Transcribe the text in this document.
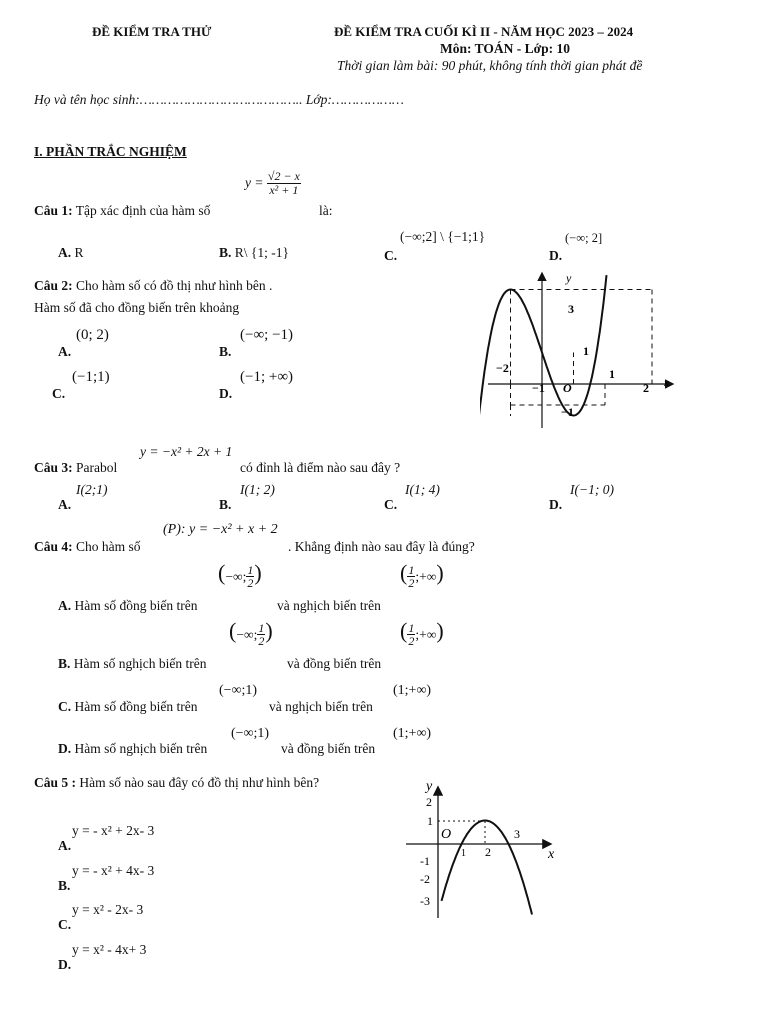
ĐỀ KIỂM TRA THỬ	ĐỀ KIỂM TRA CUỐI KÌ II - NĂM HỌC 2023 – 2024
Môn: TOÁN - Lớp: 10
Thời gian làm bài: 90 phút, không tính thời gian phát đề
Họ và tên học sinh:………………………………….. Lớp:………………
I. PHẦN TRẮC NGHIỆM
Câu 1: Tập xác định của hàm số
$y = \frac{√2 - x}{\text{x² + 1}}$
là:
A. R	B. R\ {1; -1}	C.
(−∞;2] \ {−1;1}
D.
(−∞; 2]
Câu 2: Cho hàm số có đồ thị như hình bên .
Hàm số đã cho đồng biến trên khoảng
A.
(0; 2)
B.
(−∞; −1)
C.
(−1;1)
D.
(−1; +∞)
y
x
O
3
1
−2
−1
1
2
−1
Câu 3: Parabol
y = −x² + 2x + 1
có đỉnh là điểm nào sau đây ?
A.
I(2;1)
B.
I(1; 2)
C.
I(1; 4)
D.
I(−1; 0)
Câu 4: Cho hàm số
(P): y = −x² + x + 2
. Khẳng định nào sau đây là đúng?
A. Hàm số đồng biến trên
(−∞; $\frac{1}{2}$ )
và nghịch biến trên
( $\frac{1}{2}$ ;+∞)
B. Hàm số nghịch biến trên
(−∞; $\frac{1}{2}$ )
và đồng biến trên
( $\frac{1}{2}$ ;+∞)
C. Hàm số đồng biến trên
(−∞;1)
và nghịch biến trên
(1;+∞)
D. Hàm số nghịch biến trên
(−∞;1)
và đồng biến trên
(1;+∞)
Câu 5 : Hàm số nào sau đây có đồ thị như hình bên?
A.
y = - x² + 2x- 3
B.
y = - x² + 4x- 3
C.
y = x² - 2x- 3
D.
y = x² - 4x+ 3
y
x
O
2
1
-1
-2
-3
1 2
3
